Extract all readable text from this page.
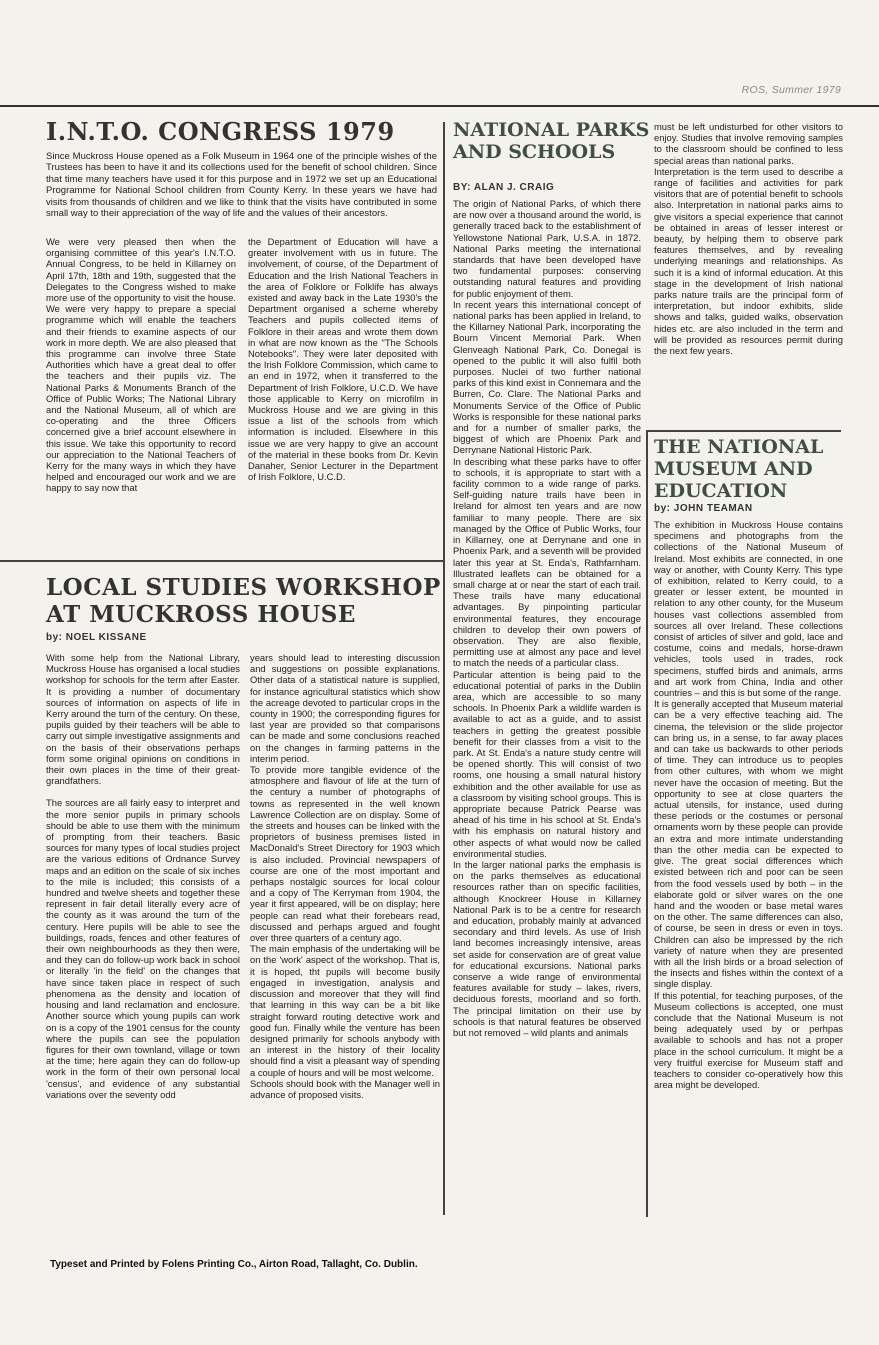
ROS, Summer 1979
I.N.T.O. CONGRESS 1979
Since Muckross House opened as a Folk Museum in 1964 one of the principle wishes of the Trustees has been to have it and its collections used for the benefit of school children. Since that time many teachers have used it for this purpose and in 1972 we set up an Educational Programme for National School children from County Kerry. In these years we have had visits from thousands of children and we like to think that the visits have contributed in some small way to their appreciation of the way of life and the values of their ancestors.
We were very pleased then when the organising committee of this year's I.N.T.O. Annual Congress, to be held in Killarney on April 17th, 18th and 19th, suggested that the Delegates to the Congress wished to make more use of the opportunity to visit the house. We were very happy to prepare a special programme which will enable the teachers and their friends to examine aspects of our work in more depth. We are also pleased that this programme can involve three State Authorities which have a great deal to offer the teachers and their pupils viz. The National Parks & Monuments Branch of the Office of Public Works; The National Library and the National Museum, all of which are co-operating and the three Officers concerned give a brief account elsewhere in this issue. We take this opportunity to record our appreciation to the National Teachers of Kerry for the many ways in which they have helped and encouraged our work and we are happy to say now that
the Department of Education will have a greater involvement with us in future. The involvement, of course, of the Department of Education and the Irish National Teachers in the area of Folklore or Folklife has always existed and away back in the Late 1930's the Department organised a scheme whereby Teachers and pupils collected items of Folklore in their areas and wrote them down in what are now known as the "The Schools Notebooks". They were later deposited with the Irish Folklore Commission, which came to an end in 1972, when it transferred to the Department of Irish Folklore, U.C.D. We have those applicable to Kerry on microfilm in Muckross House and we are giving in this issue a list of the schools from which information is included. Elsewhere in this issue we are very happy to give an account of the material in these books from Dr. Kevin Danaher, Senior Lecturer in the Department of Irish Folklore, U.C.D.
LOCAL STUDIES WORKSHOP
AT MUCKROSS HOUSE
by: NOEL KISSANE

With some help from the National Library, Muckross House has organised a local studies workshop for schools for the term after Easter. It is providing a number of documentary sources of information on aspects of life in Kerry around the turn of the century. On these, pupils guided by their teachers will be able to carry out simple investigative assignments and on the basis of their observations perhaps form some original opinions on conditions in their own places in the time of their great-grandfathers.

The sources are all fairly easy to interpret and the more senior pupils in primary schools should be able to use them with the minimum of prompting from their teachers. Basic sources for many types of local studies project are the various editions of Ordnance Survey maps and an edition on the scale of six inches to the mile is included; this consists of a hundred and twelve sheets and together these represent in fair detail literally every acre of the county as it was around the turn of the century. Here pupils will be able to see the buildings, roads, fences and other features of their own neighbourhoods as they then were, and they can do follow-up work back in school or literally 'in the field' on the changes that have since taken place in respect of such phenomena as the density and location of housing and land reclamation and enclosure. Another source which young pupils can work on is a copy of the 1901 census for the county where the pupils can see the population figures for their own townland, village or town at the time; here again they can do follow-up work in the form of their own personal local 'census', and evidence of any substantial variations over the seventy odd

years should lead to interesting discussion and suggestions on possible explanations. Other data of a statistical nature is supplied, for instance agricultural statistics which show the acreage devoted to particular crops in the county in 1900; the corresponding figures for last year are provided so that comparisons can be made and some conclusions reached on the changes in farming patterns in the interim period.

To provide more tangible evidence of the atmosphere and flavour of life at the turn of the century a number of photographs of towns as represented in the well known Lawrence Collection are on display. Some of the streets and houses can be linked with the proprietors of business premises listed in MacDonald's Street Directory for 1903 which is also included. Provincial newspapers of course are one of the most important and perhaps nostalgic sources for local colour and a copy of The Kerryman from 1904, the year it first appeared, will be on display; here people can read what their forebears read, discussed and perhaps argued and fought over three quarters of a century ago.

The main emphasis of the undertaking will be on the 'work' aspect of the workshop. That is, it is hoped, tht pupils will become busily engaged in investigation, analysis and discussion and moreover that they will find that learning in this way can be a bit like straight forward routing detective work and good fun. Finally while the venture has been designed primarily for schools anybody with an interest in the history of their locality should find a visit a pleasant way of spending a couple of hours and will be most welcome.

Schools should book with the Manager well in advance of proposed visits.

NATIONAL PARKS
AND SCHOOLS
BY: ALAN J. CRAIG

The origin of National Parks, of which there are now over a thousand around the world, is generally traced back to the establishment of Yellowstone National Park, U.S.A. in 1872. National Parks meeting the international standards that have been developed have two fundamental purposes: conserving outstanding natural features and providing for public enjoyment of them.

In recent years this international concept of national parks has been applied in Ireland, to the Killarney National Park, incorporating the Bourn Vincent Memorial Park. When Glenveagh National Park, Co. Donegal is opened to the public it will also fulfil both purposes. Nuclei of two further national parks of this kind exist in Connemara and the Burren, Co. Clare. The National Parks and Monuments Service of the Office of Public Works is responsible for these national parks and for a number of smaller parks, the biggest of which are Phoenix Park and Derrynane National Historic Park.

In describing what these parks have to offer to schools, it is appropriate to start with a facility common to a wide range of parks. Self-guiding nature trails have been in Ireland for almost ten years and are now familiar to many people. There are six managed by the Office of Public Works, four in Killarney, one at Derrynane and one in Phoenix Park, and a seventh will be provided later this year at St. Enda's, Rathfarnham. Illustrated leaflets can be obtained for a small charge at or near the start of each trail. These trails have many educational advantages. By pinpointing particular environmental features, they encourage children to develop their own powers of observation. They are also flexible, permitting use at almost any pace and level to match the needs of a particular class.

Particular attention is being paid to the educational potential of parks in the Dublin area, which are accessible to so many schools. In Phoenix Park a wildlife warden is available to act as a guide, and to assist teachers in getting the greatest possible benefit for their classes from a visit to the park. At St. Enda's a nature study centre will be opened shortly. This will consist of two rooms, one housing a small natural history exhibition and the other available for use as a classroom by visiting school groups. This is appropriate because Patrick Pearse was ahead of his time in his school at St. Enda's with his emphasis on natural history and other aspects of what would now be called environmental studies.

In the larger national parks the emphasis is on the parks themselves as educational resources rather than on specific facilities, although Knockreer House in Killarney National Park is to be a centre for research and education, probably mainly at advanced secondary and third levels. As use of Irish land becomes increasingly intensive, areas set aside for conservation are of great value for educational excursions. National parks conserve a wide range of environmental features available for study – lakes, rivers, deciduous forests, moorland and so forth. The principal limitation on their use by schools is that natural features be observed but not removed – wild plants and animals

must be left undisturbed for other visitors to enjoy. Studies that involve removing samples to the classroom should be confined to less special areas than national parks.

Interpretation is the term used to describe a range of facilities and activities for park visitors that are of potential benefit to schools also. Interpretation in national parks aims to give visitors a special experience that cannot be obtained in areas of lesser interest or beauty, by helping them to observe park features themselves, and by revealing underlying meanings and relationships. As such it is a kind of informal education. At this stage in the development of Irish national parks nature trails are the principal form of interpretation, but indoor exhibits, slide shows and talks, guided walks, observation hides etc. are also included in the term and will be provided as resources permit during the next few years.

THE NATIONAL
MUSEUM AND
EDUCATION
by: JOHN TEAMAN

The exhibition in Muckross House contains specimens and photographs from the collections of the National Museum of Ireland. Most exhibits are connected, in one way or another, with County Kerry. This type of exhibition, related to Kerry could, to a greater or lesser extent, be mounted in relation to any other county, for the Museum houses vast collections assembled from sources all over Ireland. These collections consist of articles of silver and gold, lace and costume, coins and medals, horse-drawn vehicles, tools used in trades, rock specimens, stuffed birds and animals, arms and art work from China, India and other countries – and this is but some of the range.

It is generally accepted that Museum material can be a very effective teaching aid. The cinema, the television or the slide projector can bring us, in a sense, to far away places and can take us backwards to other periods of time. They can introduce us to peoples from other cultures, with whom we might never have the occasion of meeting. But the opportunity to see at close quarters the actual utensils, for instance, used during these periods or the costumes or personal ornaments worn by these people can provide an extra and more intimate understanding than the other media can be expected to give. The great social differences which existed between rich and poor can be seen from the food vessels used by both – in the elaborate gold or silver wares on the one hand and the wooden or base metal wares on the other. The same differences can also, of course, be seen in dress or even in toys. Children can also be impressed by the rich variety of nature when they are presented with all the Irish birds or a broad selection of the insects and fishes within the context of a single display.

If this potential, for teaching purposes, of the Museum collections is accepted, one must conclude that the National Museum is not being adequately used by or perhpas available to schools and has not a proper place in the school curriculum. It might be a very fruitful exercise for Museum staff and teachers to consider co-operatively how this area might be developed.

Typeset and Printed by Folens Printing Co., Airton Road, Tallaght, Co. Dublin.
